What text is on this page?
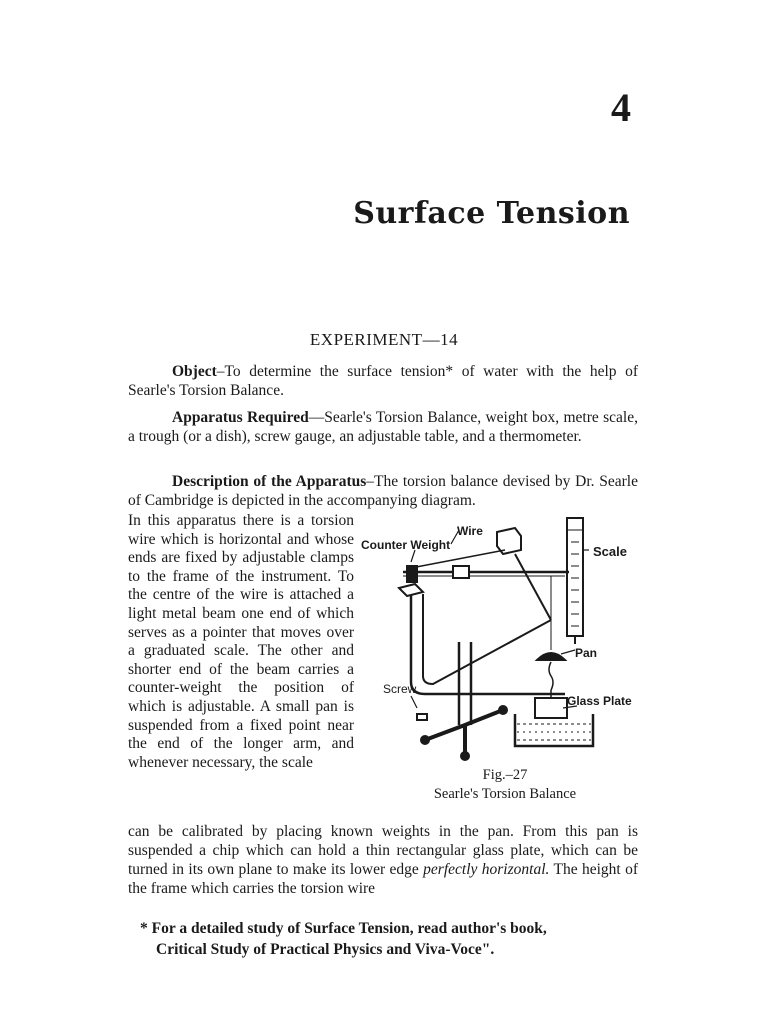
4
Surface Tension
EXPERIMENT—14
Object–To determine the surface tension* of water with the help of Searle's Torsion Balance.
Apparatus Required—Searle's Torsion Balance, weight box, metre scale, a trough (or a dish), screw gauge, an adjustable table, and a thermometer.
Description of the Apparatus–The torsion balance devised by Dr. Searle of Cambridge is depicted in the accompanying diagram.
In this apparatus there is a torsion wire which is horizontal and whose ends are fixed by adjustable clamps to the frame of the instrument. To the centre of the wire is attached a light metal beam one end of which serves as a pointer that moves over a graduated scale. The other and shorter end of the beam carries a counter-weight the position of which is adjustable. A small pan is suspended from a fixed point near the end of the longer arm, and whenever necessary, the scale
Wire
Counter Weight	Scale
Pan
Screw
Glass Plate
Fig.–27
Searle's Torsion Balance
can be calibrated by placing known weights in the pan. From this pan is suspended a chip which can hold a thin rectangular glass plate, which can be turned in its own plane to make its lower edge perfectly horizontal. The height of the frame which carries the torsion wire
* For a detailed study of Surface Tension, read author's book,
Critical Study of Practical Physics and Viva-Voce".
